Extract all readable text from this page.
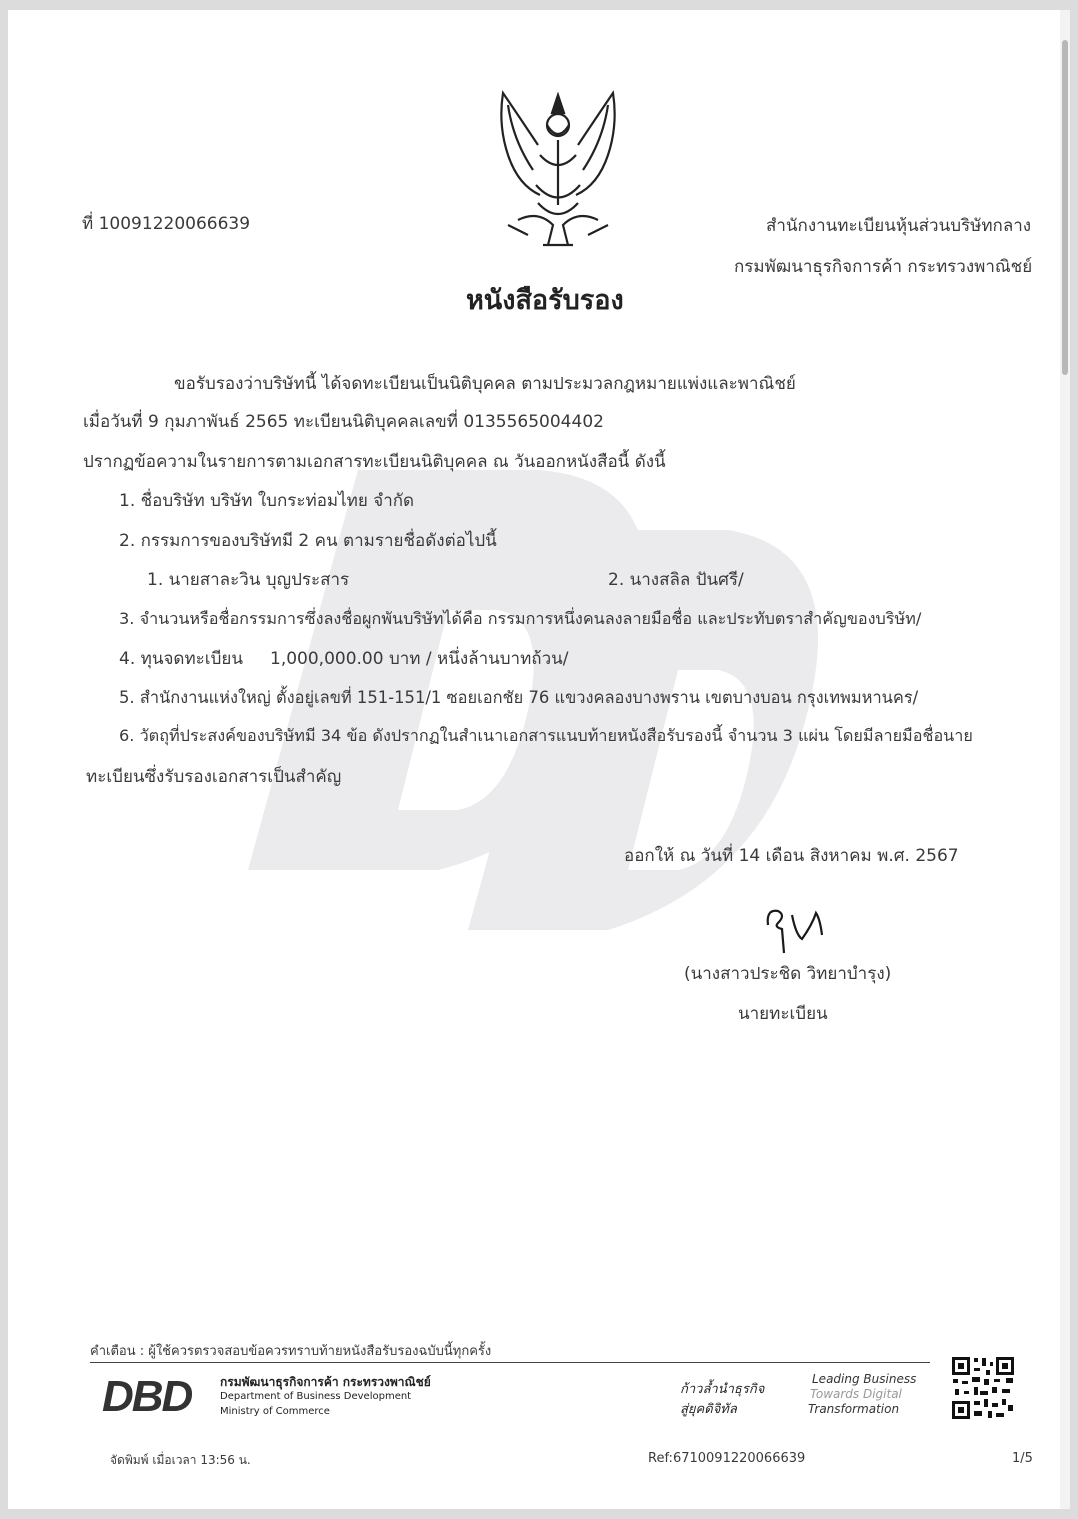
ที่ 10091220066639	สำนักงานทะเบียนหุ้นส่วนบริษัทกลาง
กรมพัฒนาธุรกิจการค้า กระทรวงพาณิชย์
หนังสือรับรอง
ขอรับรองว่าบริษัทนี้ ได้จดทะเบียนเป็นนิติบุคคล ตามประมวลกฎหมายแพ่งและพาณิชย์
เมื่อวันที่ 9 กุมภาพันธ์ 2565 ทะเบียนนิติบุคคลเลขที่ 0135565004402
ปรากฏข้อความในรายการตามเอกสารทะเบียนนิติบุคคล ณ วันออกหนังสือนี้ ดังนี้
1. ชื่อบริษัท บริษัท ใบกระท่อมไทย จำกัด
2. กรรมการของบริษัทมี 2 คน ตามรายชื่อดังต่อไปนี้
1. นายสาละวิน บุญประสาร	2. นางสลิล ปันศรี/
3. จำนวนหรือชื่อกรรมการซึ่งลงชื่อผูกพันบริษัทได้คือ กรรมการหนึ่งคนลงลายมือชื่อ และประทับตราสำคัญของบริษัท/
4. ทุนจดทะเบียน 1,000,000.00 บาท / หนึ่งล้านบาทถ้วน/
5. สำนักงานแห่งใหญ่ ตั้งอยู่เลขที่ 151-151/1 ซอยเอกชัย 76 แขวงคลองบางพราน เขตบางบอน กรุงเทพมหานคร/
6. วัตถุที่ประสงค์ของบริษัทมี 34 ข้อ ดังปรากฏในสำเนาเอกสารแนบท้ายหนังสือรับรองนี้ จำนวน 3 แผ่น โดยมีลายมือชื่อนาย
ทะเบียนซึ่งรับรองเอกสารเป็นสำคัญ
ออกให้ ณ วันที่ 14 เดือน สิงหาคม พ.ศ. 2567
(นางสาวประชิด วิทยาบำรุง)
นายทะเบียน
คำเตือน : ผู้ใช้ควรตรวจสอบข้อควรทราบท้ายหนังสือรับรองฉบับนี้ทุกครั้ง
DBD กรมพัฒนาธุรกิจการค้า กระทรวงพาณิชย์
Department of Business Development
Ministry of Commerce
ก้าวล้ำนำธุรกิจ
สู่ยุคดิจิทัล
Leading Business
Towards Digital
Transformation
จัดพิมพ์ เมื่อเวลา 13:56 น.	Ref:6710091220066639	1/5
